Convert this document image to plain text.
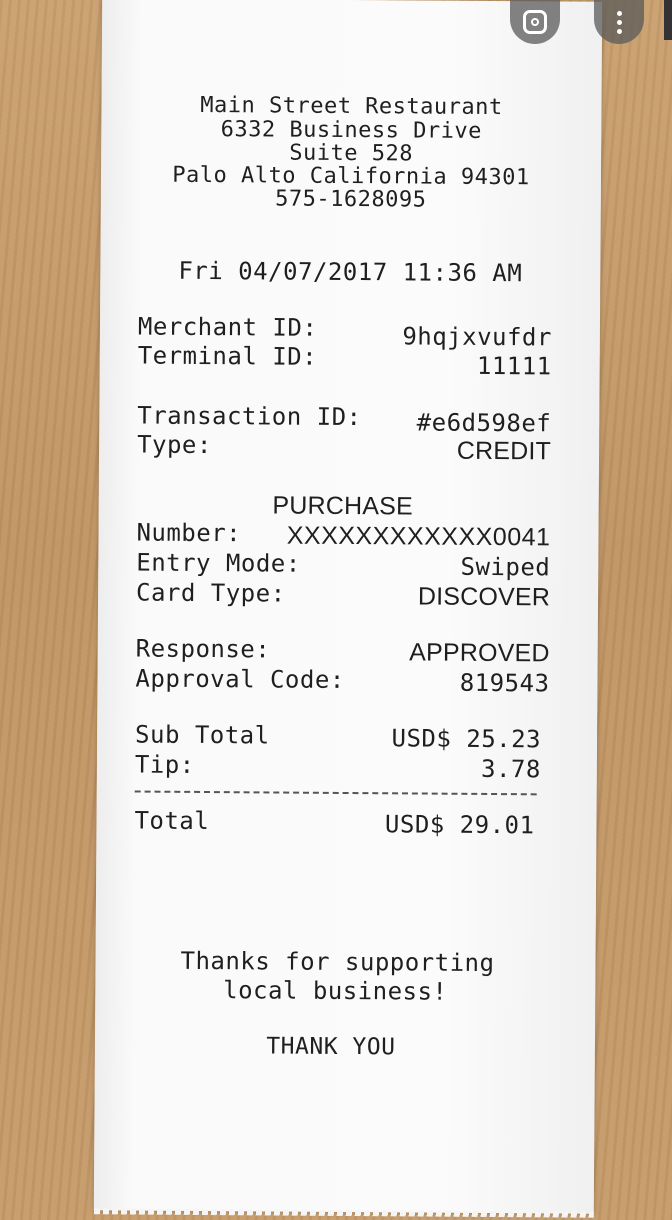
Main Street Restaurant
6332 Business Drive
Suite 528
Palo Alto California 94301
575-1628095
Fri 04/07/2017 11:36 AM
Merchant ID:	9hqjxvufdr
Terminal ID:	11111
Transaction ID: #e6d598ef
Type:	CREDIT
PURCHASE
Number: XXXXXXXXXXXX0041
Entry Mode:	Swiped
Card Type:	DISCOVER
Response:	APPROVED
Approval Code:	819543
Sub Total	USD$ 25.23
Tip:	3.78
Total	USD$ 29.01
Thanks for supporting
local business!
THANK YOU
